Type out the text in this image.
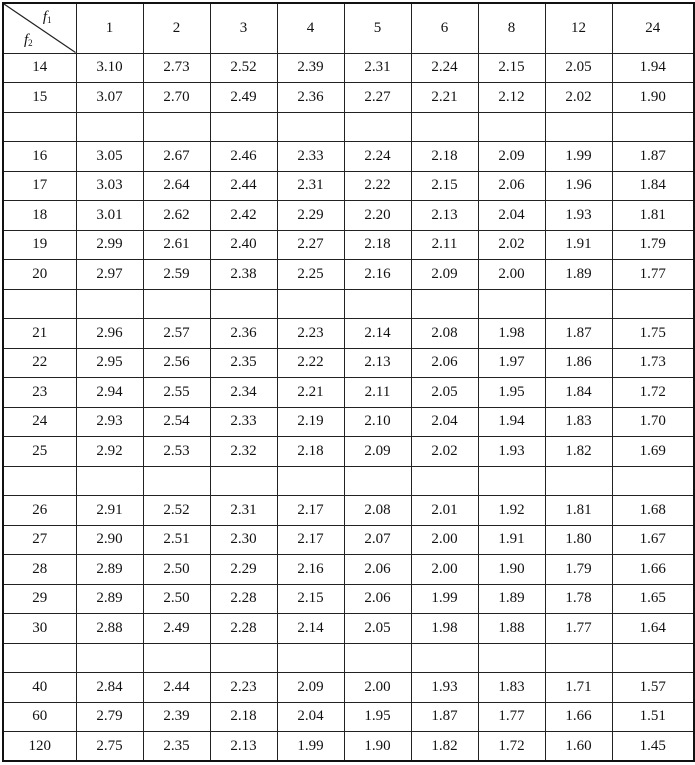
$f_1$
$f_2$	1	2	3	4	5	6	8	12	24
14	3.10	2.73	2.52	2.39	2.31	2.24	2.15	2.05	1.94
15	3.07	2.70	2.49	2.36	2.27	2.21	2.12	2.02	1.90

16	3.05	2.67	2.46	2.33	2.24	2.18	2.09	1.99	1.87
17	3.03	2.64	2.44	2.31	2.22	2.15	2.06	1.96	1.84
18	3.01	2.62	2.42	2.29	2.20	2.13	2.04	1.93	1.81
19	2.99	2.61	2.40	2.27	2.18	2.11	2.02	1.91	1.79
20	2.97	2.59	2.38	2.25	2.16	2.09	2.00	1.89	1.77

21	2.96	2.57	2.36	2.23	2.14	2.08	1.98	1.87	1.75
22	2.95	2.56	2.35	2.22	2.13	2.06	1.97	1.86	1.73
23	2.94	2.55	2.34	2.21	2.11	2.05	1.95	1.84	1.72
24	2.93	2.54	2.33	2.19	2.10	2.04	1.94	1.83	1.70
25	2.92	2.53	2.32	2.18	2.09	2.02	1.93	1.82	1.69

26	2.91	2.52	2.31	2.17	2.08	2.01	1.92	1.81	1.68
27	2.90	2.51	2.30	2.17	2.07	2.00	1.91	1.80	1.67
28	2.89	2.50	2.29	2.16	2.06	2.00	1.90	1.79	1.66
29	2.89	2.50	2.28	2.15	2.06	1.99	1.89	1.78	1.65
30	2.88	2.49	2.28	2.14	2.05	1.98	1.88	1.77	1.64

40	2.84	2.44	2.23	2.09	2.00	1.93	1.83	1.71	1.57
60	2.79	2.39	2.18	2.04	1.95	1.87	1.77	1.66	1.51
120	2.75	2.35	2.13	1.99	1.90	1.82	1.72	1.60	1.45
